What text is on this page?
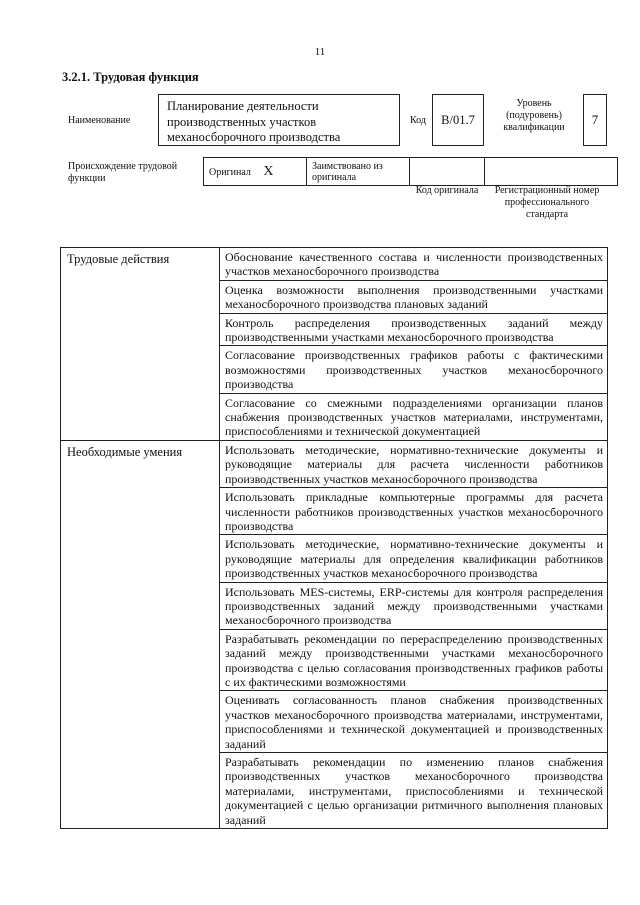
11
3.2.1. Трудовая функция
Наименование
Планирование деятельности производственных участков механосборочного производства
Код	B/01.7
Уровень (подуровень) квалификации
7
Происхождение трудовой функции
Оригинал X	Заимствовано из оригинала		
Код оригинала	Регистрационный номер профессионального стандарта
Трудовые действия	Обоснование качественного состава и численности производственных участков механосборочного производства
	Оценка возможности выполнения производственными участками механосборочного производства плановых заданий
	Контроль распределения производственных заданий между производственными участками механосборочного производства
	Согласование производственных графиков работы с фактическими возможностями производственных участков механосборочного производства
	Согласование со смежными подразделениями организации планов снабжения производственных участков материалами, инструментами, приспособлениями и технической документацией
Необходимые умения	Использовать методические, нормативно-технические документы и руководящие материалы для расчета численности работников производственных участков механосборочного производства
	Использовать прикладные компьютерные программы для расчета численности работников производственных участков механосборочного производства
	Использовать методические, нормативно-технические документы и руководящие материалы для определения квалификации работников производственных участков механосборочного производства
	Использовать MES-системы, ERP-системы для контроля распределения производственных заданий между производственными участками механосборочного производства
	Разрабатывать рекомендации по перераспределению производственных заданий между производственными участками механосборочного производства с целью согласования производственных графиков работы с их фактическими возможностями
	Оценивать согласованность планов снабжения производственных участков механосборочного производства материалами, инструментами, приспособлениями и технической документацией и производственных заданий
	Разрабатывать рекомендации по изменению планов снабжения производственных участков механосборочного производства материалами, инструментами, приспособлениями и технической документацией с целью организации ритмичного выполнения плановых заданий
